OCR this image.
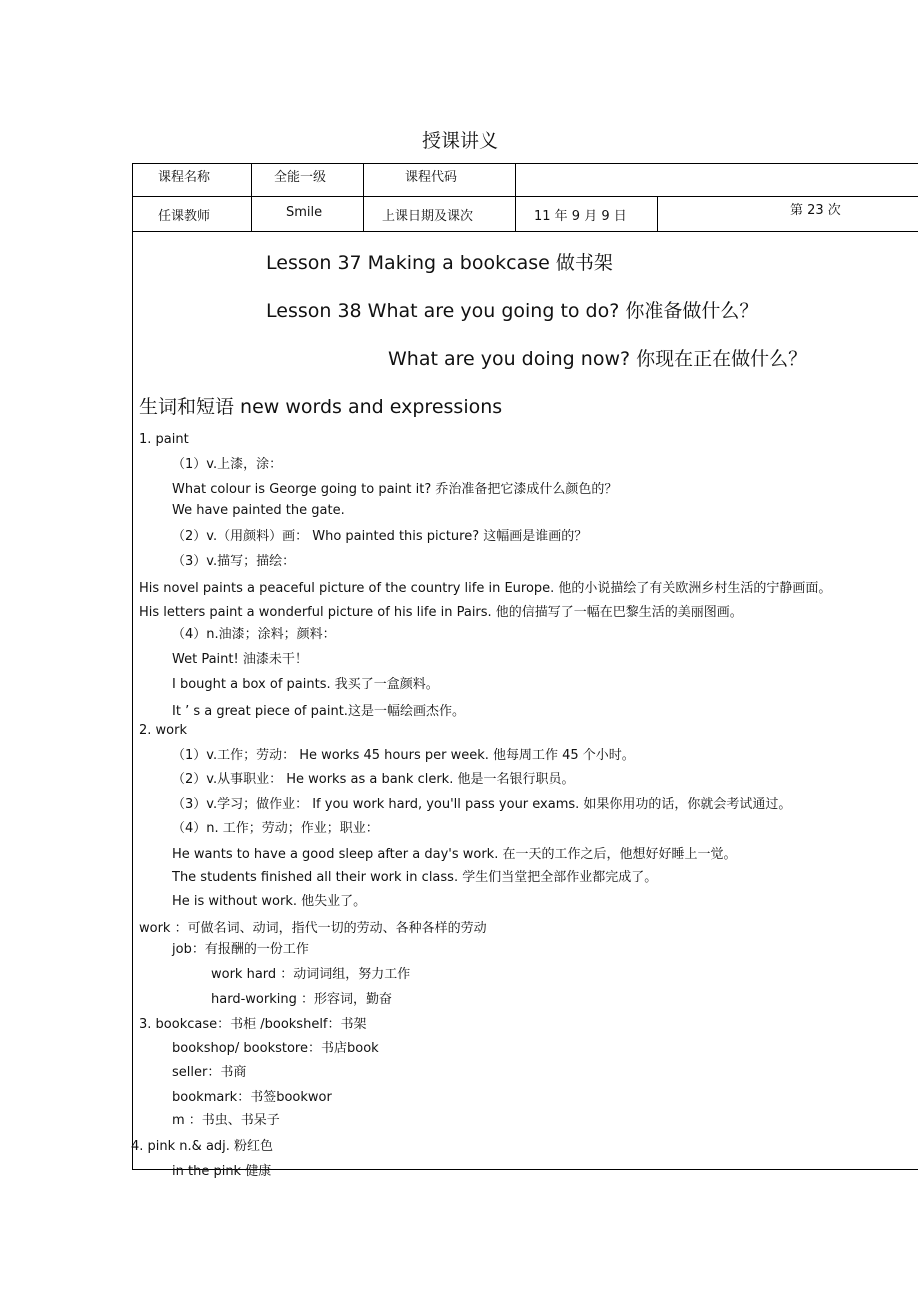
授课讲义
课程名称	全能一级	课程代码
任课教师	Smile	上课日期及课次	11 年 9 月 9 日	第 23 次
Lesson 37 Making a bookcase 做书架
Lesson 38 What are you going to do? 你准备做什么？
What are you doing now? 你现在正在做什么？
生词和短语 new words and expressions
1. paint
（1）v.上漆，涂：
What colour is George going to paint it? 乔治准备把它漆成什么颜色的？
We have painted the gate.
（2）v.（用颜料）画： Who painted this picture? 这幅画是谁画的？
（3）v.描写；描绘：
His novel paints a peaceful picture of the country life in Europe. 他的小说描绘了有关欧洲乡村生活的宁静画面。
His letters paint a wonderful picture of his life in Pairs. 他的信描写了一幅在巴黎生活的美丽图画。
（4）n.油漆；涂料；颜料：
Wet Paint! 油漆未干！
I bought a box of paints. 我买了一盒颜料。
It ’ s a great piece of paint.这是一幅绘画杰作。
2. work
（1）v.工作；劳动： He works 45 hours per week. 他每周工作 45 个小时。
（2）v.从事职业： He works as a bank clerk. 他是一名银行职员。
（3）v.学习；做作业： If you work hard, you'll pass your exams. 如果你用功的话，你就会考试通过。
（4）n. 工作；劳动；作业；职业：
He wants to have a good sleep after a day's work. 在一天的工作之后，他想好好睡上一觉。
The students finished all their work in class. 学生们当堂把全部作业都完成了。
He is without work. 他失业了。
work ：可做名词、动词，指代一切的劳动、各种各样的劳动
job：有报酬的一份工作
work hard ：动词词组，努力工作
hard-working ：形容词，勤奋
3. bookcase：书柜 /bookshelf：书架
bookshop/ bookstore：书店book
seller：书商
bookmark：书签bookwor
m ：书虫、书呆子
4. pink n.& adj. 粉红色
in the pink 健康
